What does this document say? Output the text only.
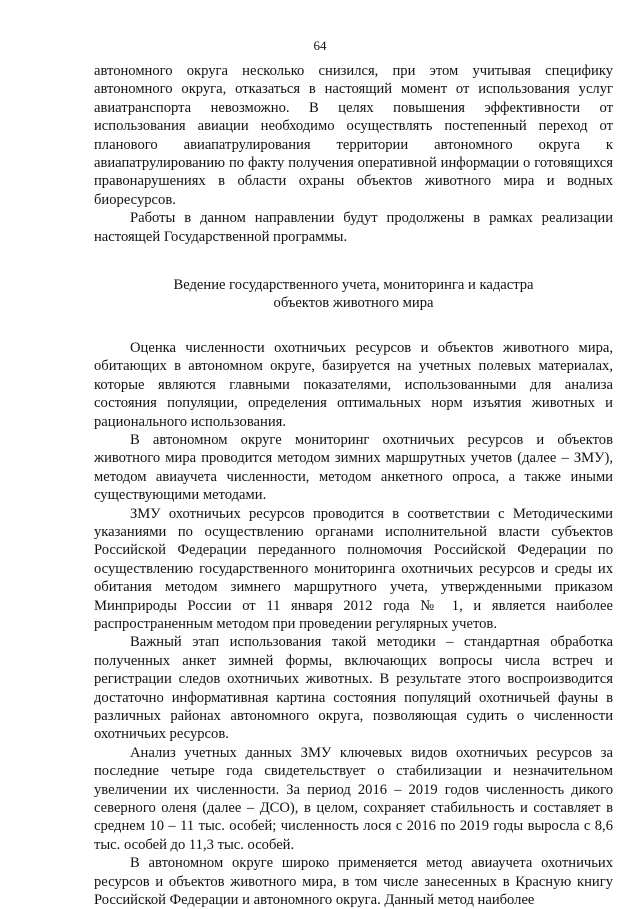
64

автономного округа несколько снизился, при этом учитывая специфику автономного округа, отказаться в настоящий момент от использования услуг авиатранспорта невозможно. В целях повышения эффективности от использования авиации необходимо осуществлять постепенный переход от планового авиапатрулирования территории автономного округа к авиапатрулированию по факту получения оперативной информации о готовящихся правонарушениях в области охраны объектов животного мира и водных биоресурсов.

Работы в данном направлении будут продолжены в рамках реализации настоящей Государственной программы.

Ведение государственного учета, мониторинга и кадастра
объектов животного мира

Оценка численности охотничьих ресурсов и объектов животного мира, обитающих в автономном округе, базируется на учетных полевых материалах, которые являются главными показателями, использованными для анализа состояния популяции, определения оптимальных норм изъятия животных и рационального использования.

В автономном округе мониторинг охотничьих ресурсов и объектов животного мира проводится методом зимних маршрутных учетов (далее – ЗМУ), методом авиаучета численности, методом анкетного опроса, а также иными существующими методами.

ЗМУ охотничьих ресурсов проводится в соответствии с Методическими указаниями по осуществлению органами исполнительной власти субъектов Российской Федерации переданного полномочия Российской Федерации по осуществлению государственного мониторинга охотничьих ресурсов и среды их обитания методом зимнего маршрутного учета, утвержденными приказом Минприроды России от 11 января 2012 года № 1, и является наиболее распространенным методом при проведении регулярных учетов.

Важный этап использования такой методики – стандартная обработка полученных анкет зимней формы, включающих вопросы числа встреч и регистрации следов охотничьих животных. В результате этого воспроизводится достаточно информативная картина состояния популяций охотничьей фауны в различных районах автономного округа, позволяющая судить о численности охотничьих ресурсов.

Анализ учетных данных ЗМУ ключевых видов охотничьих ресурсов за последние четыре года свидетельствует о стабилизации и незначительном увеличении их численности. За период 2016 – 2019 годов численность дикого северного оленя (далее – ДСО), в целом, сохраняет стабильность и составляет в среднем 10 – 11 тыс. особей; численность лося с 2016 по 2019 годы выросла с 8,6 тыс. особей до 11,3 тыс. особей.

В автономном округе широко применяется метод авиаучета охотничьих ресурсов и объектов животного мира, в том числе занесенных в Красную книгу Российской Федерации и автономного округа. Данный метод наиболее
